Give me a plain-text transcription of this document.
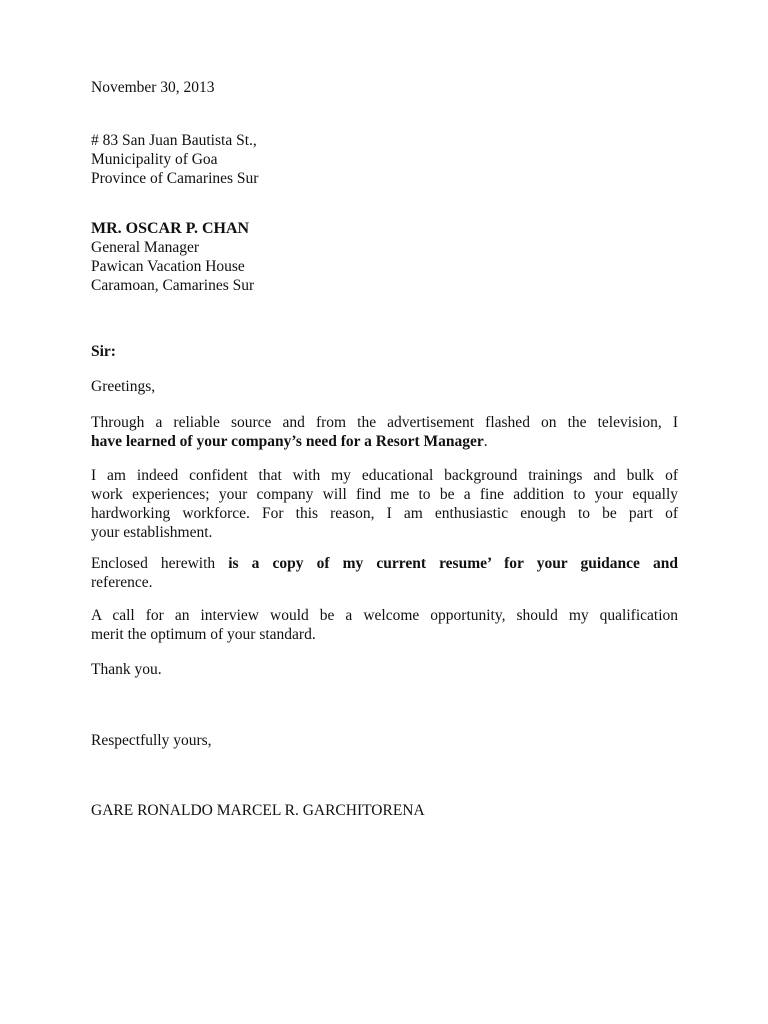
November 30, 2013
# 83 San Juan Bautista St.,
Municipality of Goa
Province of Camarines Sur
MR. OSCAR P. CHAN
General Manager
Pawican Vacation House
Caramoan, Camarines Sur
Sir:
Greetings,
Through a reliable source and from the advertisement flashed on the television, I
have learned of your company’s need for a Resort Manager.
I am indeed confident that with my educational background trainings and bulk of
work experiences; your company will find me to be a fine addition to your equally
hardworking workforce. For this reason, I am enthusiastic enough to be part of
your establishment.
Enclosed herewith is a copy of my current resume’ for your guidance and
reference.
A call for an interview would be a welcome opportunity, should my qualification
merit the optimum of your standard.
Thank you.
Respectfully yours,
GARE RONALDO MARCEL R. GARCHITORENA
